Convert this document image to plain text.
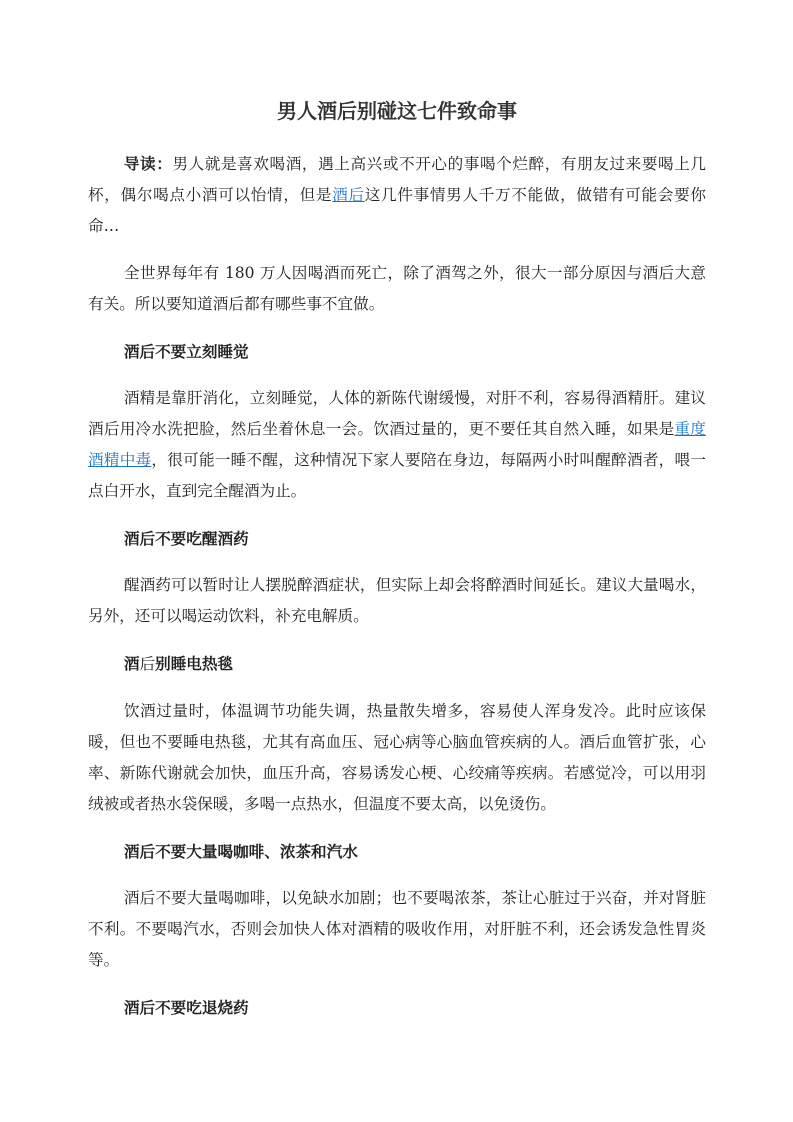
男人酒后别碰这七件致命事

导读：男人就是喜欢喝酒，遇上高兴或不开心的事喝个烂醉，有朋友过来要喝上几杯，偶尔喝点小酒可以怡情，但是酒后这几件事情男人千万不能做，做错有可能会要你命…

全世界每年有 180 万人因喝酒而死亡，除了酒驾之外，很大一部分原因与酒后大意有关。所以要知道酒后都有哪些事不宜做。

酒后不要立刻睡觉

酒精是靠肝消化，立刻睡觉，人体的新陈代谢缓慢，对肝不利，容易得酒精肝。建议酒后用冷水洗把脸，然后坐着休息一会。饮酒过量的，更不要任其自然入睡，如果是重度酒精中毒，很可能一睡不醒，这种情况下家人要陪在身边，每隔两小时叫醒醉酒者，喂一点白开水，直到完全醒酒为止。

酒后不要吃醒酒药

醒酒药可以暂时让人摆脱醉酒症状，但实际上却会将醉酒时间延长。建议大量喝水，另外，还可以喝运动饮料，补充电解质。

酒后别睡电热毯

饮酒过量时，体温调节功能失调，热量散失增多，容易使人浑身发冷。此时应该保暖，但也不要睡电热毯，尤其有高血压、冠心病等心脑血管疾病的人。酒后血管扩张，心率、新陈代谢就会加快，血压升高，容易诱发心梗、心绞痛等疾病。若感觉冷，可以用羽绒被或者热水袋保暖，多喝一点热水，但温度不要太高，以免烫伤。

酒后不要大量喝咖啡、浓茶和汽水

酒后不要大量喝咖啡，以免缺水加剧；也不要喝浓茶，茶让心脏过于兴奋，并对肾脏不利。不要喝汽水，否则会加快人体对酒精的吸收作用，对肝脏不利，还会诱发急性胃炎等。

酒后不要吃退烧药
